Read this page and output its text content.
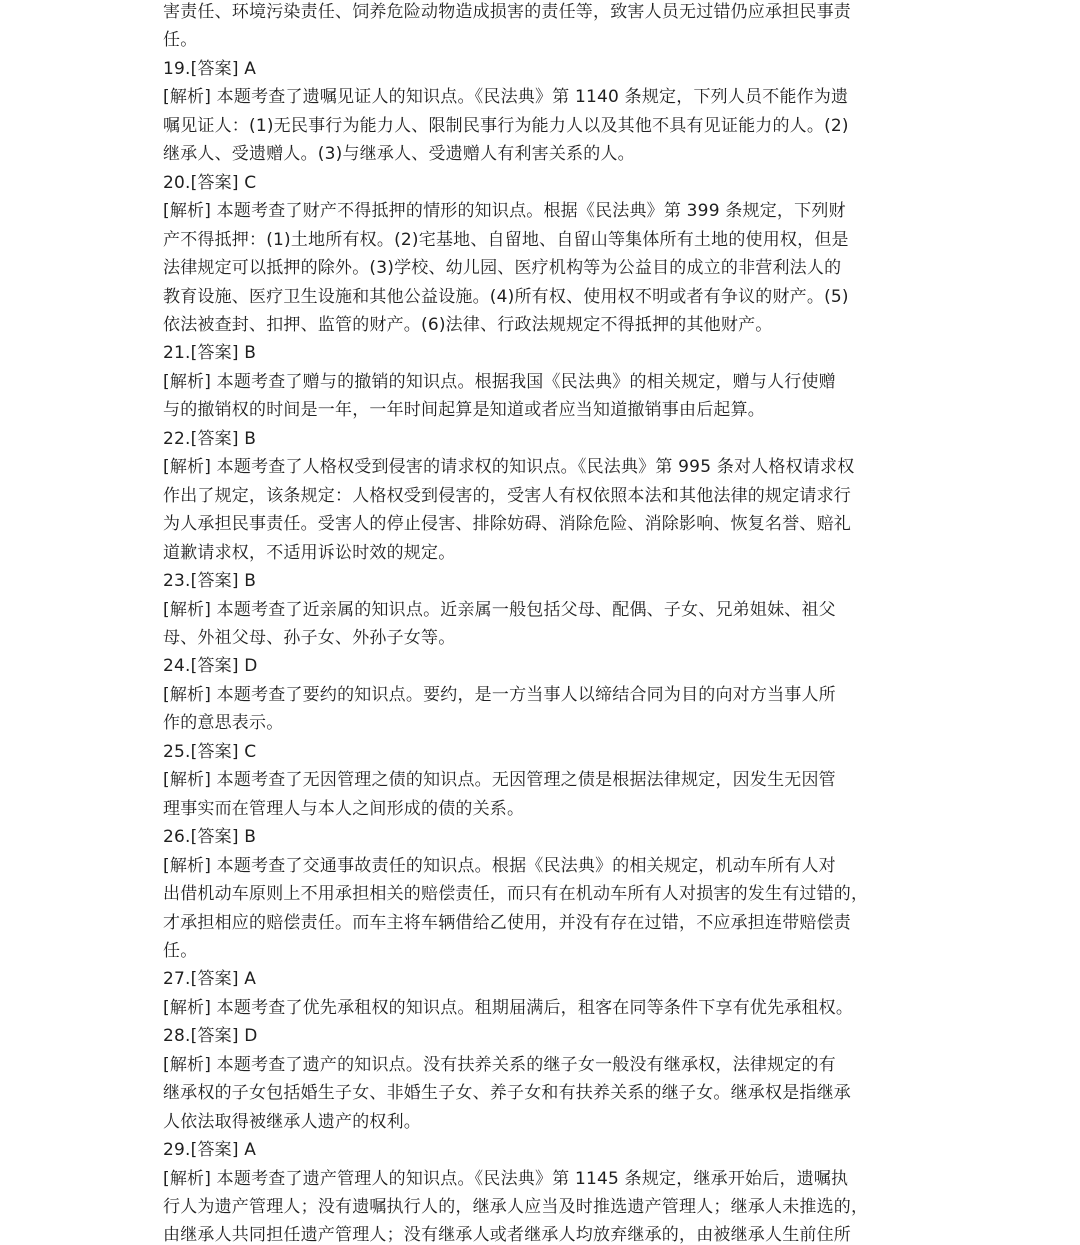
害责任、环境污染责任、饲养危险动物造成损害的责任等，致害人员无过错仍应承担民事责

任。

19.[答案] A

[解析] 本题考查了遗嘱见证人的知识点。《民法典》第 1140 条规定，下列人员不能作为遗

嘱见证人：(1)无民事行为能力人、限制民事行为能力人以及其他不具有见证能力的人。(2)

继承人、受遗赠人。(3)与继承人、受遗赠人有利害关系的人。

20.[答案] C

[解析] 本题考查了财产不得抵押的情形的知识点。根据《民法典》第 399 条规定，下列财

产不得抵押：(1)土地所有权。(2)宅基地、自留地、自留山等集体所有土地的使用权，但是

法律规定可以抵押的除外。(3)学校、幼儿园、医疗机构等为公益目的成立的非营利法人的

教育设施、医疗卫生设施和其他公益设施。(4)所有权、使用权不明或者有争议的财产。(5)

依法被查封、扣押、监管的财产。(6)法律、行政法规规定不得抵押的其他财产。

21.[答案] B

[解析] 本题考查了赠与的撤销的知识点。根据我国《民法典》的相关规定，赠与人行使赠

与的撤销权的时间是一年，一年时间起算是知道或者应当知道撤销事由后起算。

22.[答案] B

[解析] 本题考查了人格权受到侵害的请求权的知识点。《民法典》第 995 条对人格权请求权

作出了规定，该条规定：人格权受到侵害的，受害人有权依照本法和其他法律的规定请求行

为人承担民事责任。受害人的停止侵害、排除妨碍、消除危险、消除影响、恢复名誉、赔礼

道歉请求权，不适用诉讼时效的规定。

23.[答案] B

[解析] 本题考查了近亲属的知识点。近亲属一般包括父母、配偶、子女、兄弟姐妹、祖父

母、外祖父母、孙子女、外孙子女等。

24.[答案] D

[解析] 本题考查了要约的知识点。要约，是一方当事人以缔结合同为目的向对方当事人所

作的意思表示。

25.[答案] C

[解析] 本题考查了无因管理之债的知识点。无因管理之债是根据法律规定，因发生无因管

理事实而在管理人与本人之间形成的债的关系。

26.[答案] B

[解析] 本题考查了交通事故责任的知识点。根据《民法典》的相关规定，机动车所有人对

出借机动车原则上不用承担相关的赔偿责任，而只有在机动车所有人对损害的发生有过错的，

才承担相应的赔偿责任。而车主将车辆借给乙使用，并没有存在过错，不应承担连带赔偿责

任。

27.[答案] A

[解析] 本题考查了优先承租权的知识点。租期届满后，租客在同等条件下享有优先承租权。

28.[答案] D

[解析] 本题考查了遗产的知识点。没有扶养关系的继子女一般没有继承权，法律规定的有

继承权的子女包括婚生子女、非婚生子女、养子女和有扶养关系的继子女。继承权是指继承

人依法取得被继承人遗产的权利。

29.[答案] A

[解析] 本题考查了遗产管理人的知识点。《民法典》第 1145 条规定，继承开始后，遗嘱执

行人为遗产管理人；没有遗嘱执行人的，继承人应当及时推选遗产管理人；继承人未推选的，

由继承人共同担任遗产管理人；没有继承人或者继承人均放弃继承的，由被继承人生前住所
